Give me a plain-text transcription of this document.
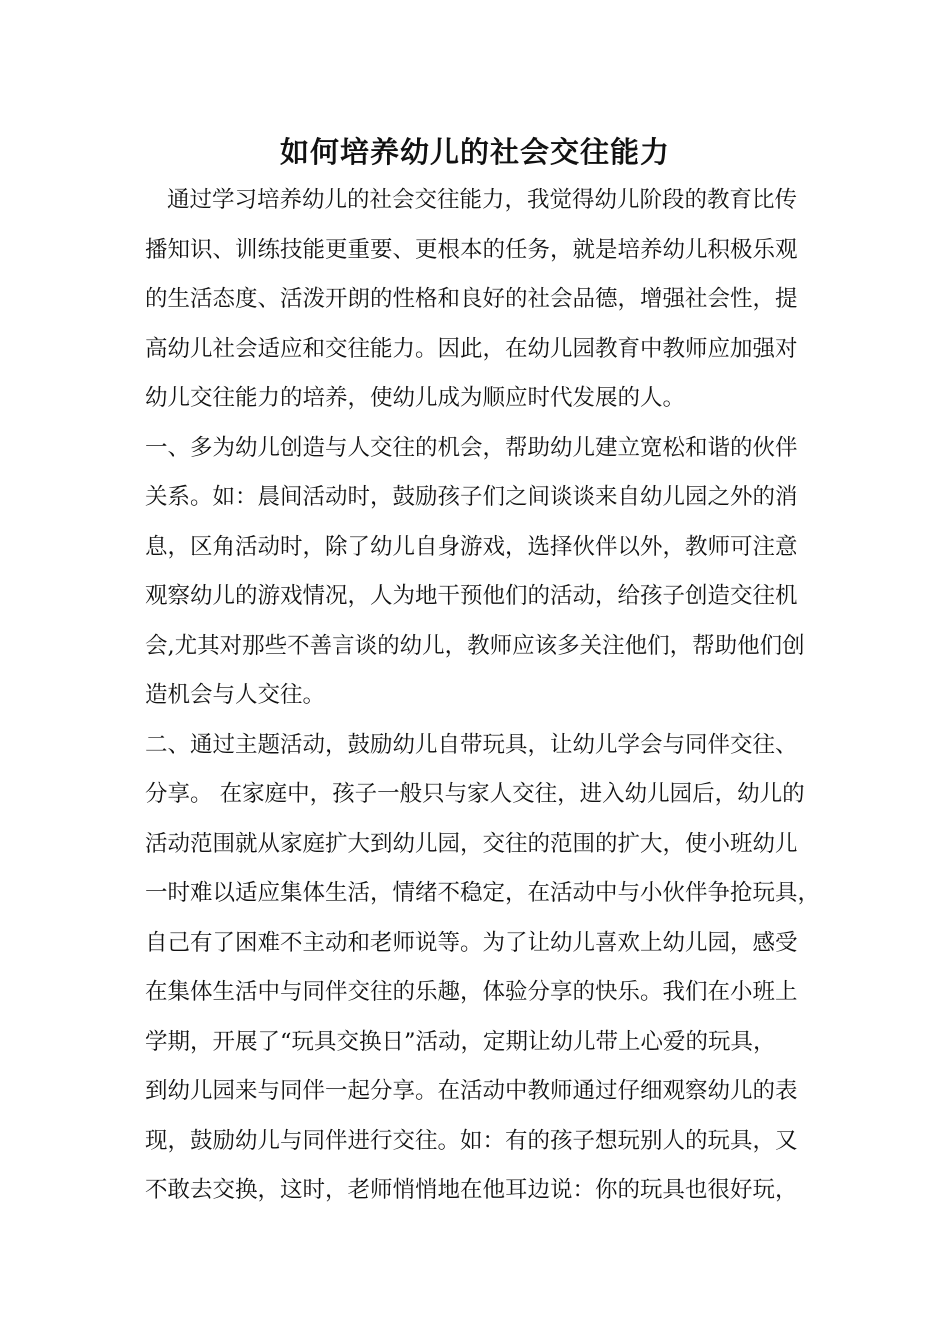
如何培养幼儿的社会交往能力
通过学习培养幼儿的社会交往能力，我觉得幼儿阶段的教育比传
播知识、训练技能更重要、更根本的任务，就是培养幼儿积极乐观
的生活态度、活泼开朗的性格和良好的社会品德，增强社会性，提
高幼儿社会适应和交往能力。因此，在幼儿园教育中教师应加强对
幼儿交往能力的培养，使幼儿成为顺应时代发展的人。
一、多为幼儿创造与人交往的机会，帮助幼儿建立宽松和谐的伙伴
关系。如：晨间活动时，鼓励孩子们之间谈谈来自幼儿园之外的消
息，区角活动时，除了幼儿自身游戏，选择伙伴以外，教师可注意
观察幼儿的游戏情况，人为地干预他们的活动，给孩子创造交往机
会,尤其对那些不善言谈的幼儿，教师应该多关注他们，帮助他们创
造机会与人交往。
二、通过主题活动，鼓励幼儿自带玩具，让幼儿学会与同伴交往、
分享。 在家庭中，孩子一般只与家人交往，进入幼儿园后，幼儿的
活动范围就从家庭扩大到幼儿园，交往的范围的扩大，使小班幼儿
一时难以适应集体生活，情绪不稳定，在活动中与小伙伴争抢玩具，
自己有了困难不主动和老师说等。为了让幼儿喜欢上幼儿园，感受
在集体生活中与同伴交往的乐趣，体验分享的快乐。我们在小班上
学期，开展了“玩具交换日”活动，定期让幼儿带上心爱的玩具，
到幼儿园来与同伴一起分享。在活动中教师通过仔细观察幼儿的表
现，鼓励幼儿与同伴进行交往。如：有的孩子想玩别人的玩具，又
不敢去交换，这时，老师悄悄地在他耳边说：你的玩具也很好玩，
